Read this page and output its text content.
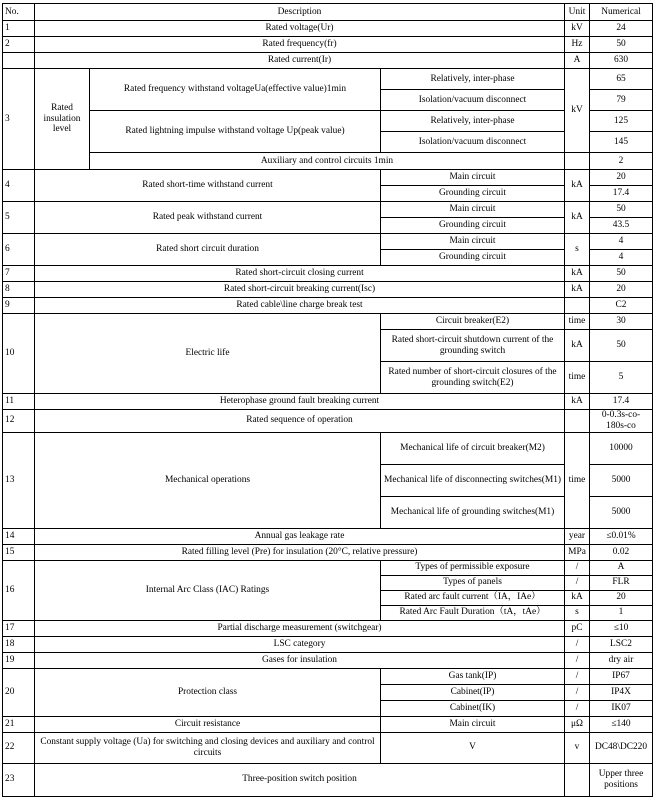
No.	Description			Unit	Numerical
1	Rated voltage(Ur)			kV	24
2	Rated frequency(fr)			Hz	50
	Rated current(Ir)			A	630
3	Rated insulation level	Rated frequency withstand voltageUa(effective value)1min	Relatively, inter-phase	kV	65
			Isolation/vacuum disconnect		79
		Rated lightning impulse withstand voltage Up(peak value)	Relatively, inter-phase		125
			Isolation/vacuum disconnect		145
		Auxiliary and control circuits 1min			2
4	Rated short-time withstand current		Main circuit	kA	20
			Grounding circuit		17.4
5	Rated peak withstand current		Main circuit	kA	50
			Grounding circuit		43.5
6	Rated short circuit duration		Main circuit	s	4
			Grounding circuit		4
7	Rated short-circuit closing current			kA	50
8	Rated short-circuit breaking current(Isc)			kA	20
9	Rated cable\line charge break test				C2
10	Electric life		Circuit breaker(E2)	time	30
			Rated short-circuit shutdown current of the grounding switch	kA	50
			Rated number of short-circuit closures of the grounding switch(E2)	time	5
11	Heterophase ground fault breaking current			kA	17.4
12	Rated sequence of operation				0-0.3s-co-180s-co
13	Mechanical operations		Mechanical life of circuit breaker(M2)	time	10000
			Mechanical life of disconnecting switches(M1)		5000
			Mechanical life of grounding switches(M1)		5000
14	Annual gas leakage rate			year	≤0.01%
15	Rated filling level (Pre) for insulation (20°C, relative pressure)			MPa	0.02
16	Internal Arc Class (IAC) Ratings		Types of permissible exposure	/	A
			Types of panels	/	FLR
			Rated arc fault current（IA，IAe）	kA	20
			Rated Arc Fault Duration（tA，tAe）	s	1
17	Partial discharge measurement (switchgear)			pC	≤10
18	LSC category			/	LSC2
19	Gases for insulation			/	dry air
20	Protection class		Gas tank(IP)	/	IP67
			Cabinet(IP)	/	IP4X
			Cabinet(IK)	/	IK07
21	Circuit resistance		Main circuit	μΩ	≤140
22	Constant supply voltage (Ua) for switching and closing devices and auxiliary and control circuits		V	v	DC48\DC220
23	Three-position switch position				Upper three positions
